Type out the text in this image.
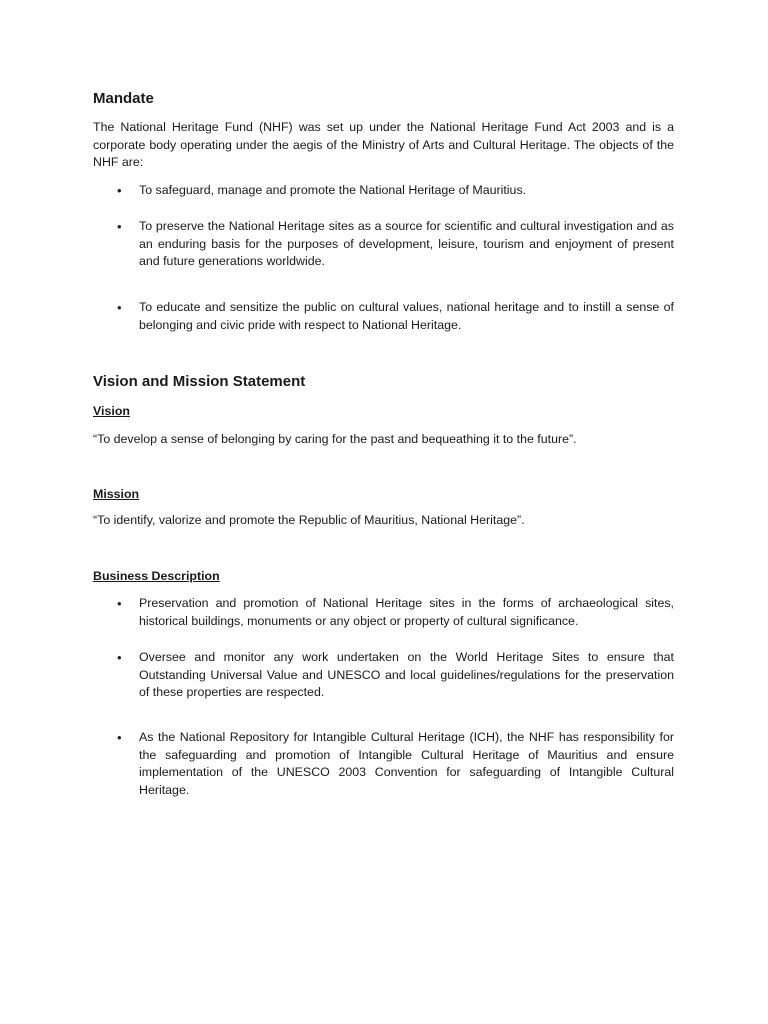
Mandate
The National Heritage Fund (NHF) was set up under the National Heritage Fund Act 2003 and is a corporate body operating under the aegis of the Ministry of Arts and Cultural Heritage. The objects of the NHF are:
• To safeguard, manage and promote the National Heritage of Mauritius.
• To preserve the National Heritage sites as a source for scientific and cultural investigation and as an enduring basis for the purposes of development, leisure, tourism and enjoyment of present and future generations worldwide.
• To educate and sensitize the public on cultural values, national heritage and to instill a sense of belonging and civic pride with respect to National Heritage.
Vision and Mission Statement
Vision
“To develop a sense of belonging by caring for the past and bequeathing it to the future”.
Mission
“To identify, valorize and promote the Republic of Mauritius, National Heritage”.
Business Description
• Preservation and promotion of National Heritage sites in the forms of archaeological sites, historical buildings, monuments or any object or property of cultural significance.
• Oversee and monitor any work undertaken on the World Heritage Sites to ensure that Outstanding Universal Value and UNESCO and local guidelines/regulations for the preservation of these properties are respected.
• As the National Repository for Intangible Cultural Heritage (ICH), the NHF has responsibility for the safeguarding and promotion of Intangible Cultural Heritage of Mauritius and ensure implementation of the UNESCO 2003 Convention for safeguarding of Intangible Cultural Heritage.
